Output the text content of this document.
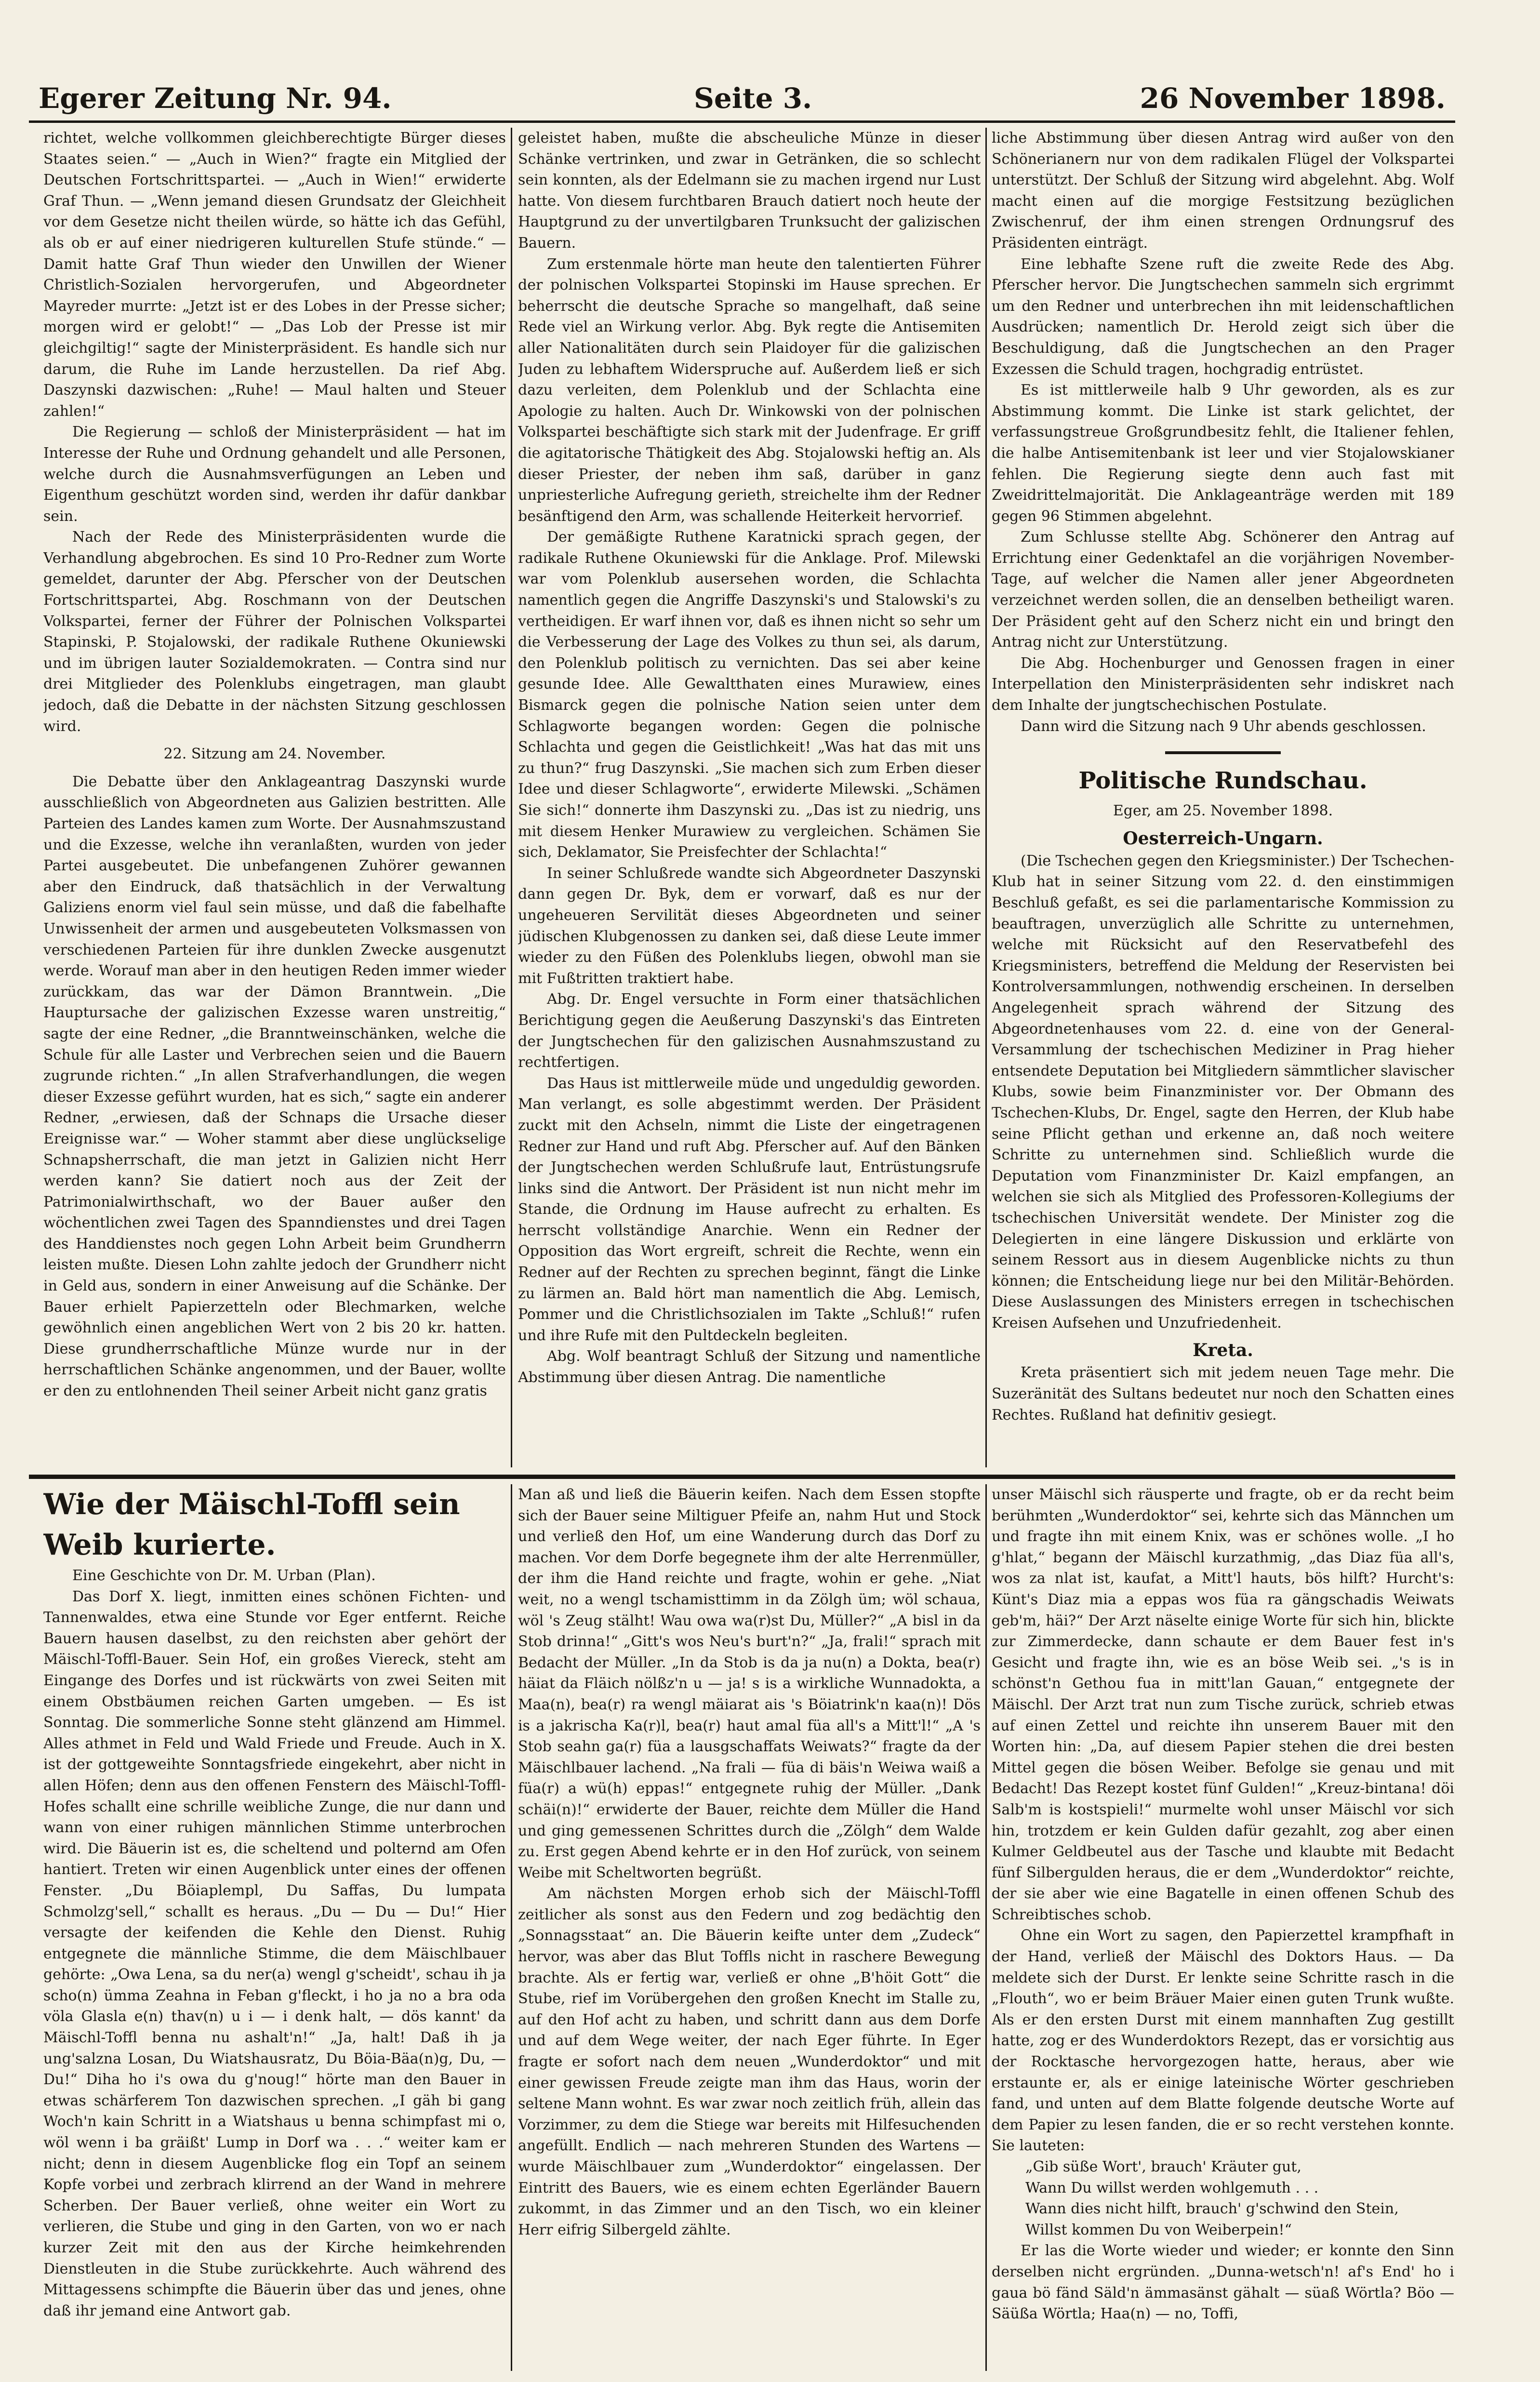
Egerer Zeitung Nr. 94.	Seite 3.	26 November 1898.

richtet, welche vollkommen gleichberechtigte Bürger dieses Staates seien.“ — „Auch in Wien?“ fragte ein Mitglied der Deutschen Fortschrittspartei. — „Auch in Wien!“ erwiderte Graf Thun. — „Wenn jemand diesen Grundsatz der Gleichheit vor dem Gesetze nicht theilen würde, so hätte ich das Gefühl, als ob er auf einer niedrigeren kulturellen Stufe stünde.“ — Damit hatte Graf Thun wieder den Unwillen der Wiener Christlich-Sozialen hervorgerufen, und Abgeordneter Mayreder murrte: „Jetzt ist er des Lobes in der Presse sicher; morgen wird er gelobt!“ — „Das Lob der Presse ist mir gleichgiltig!“ sagte der Ministerpräsident. Es handle sich nur darum, die Ruhe im Lande herzustellen. Da rief Abg. Daszynski dazwischen: „Ruhe! — Maul halten und Steuer zahlen!“

Die Regierung — schloß der Ministerpräsident — hat im Interesse der Ruhe und Ordnung gehandelt und alle Personen, welche durch die Ausnahmsverfügungen an Leben und Eigenthum geschützt worden sind, werden ihr dafür dankbar sein.

Nach der Rede des Ministerpräsidenten wurde die Verhandlung abgebrochen. Es sind 10 Pro-Redner zum Worte gemeldet, darunter der Abg. Pferscher von der Deutschen Fortschrittspartei, Abg. Roschmann von der Deutschen Volkspartei, ferner der Führer der Polnischen Volkspartei Stapinski, P. Stojalowski, der radikale Ruthene Okuniewski und im übrigen lauter Sozialdemokraten. — Contra sind nur drei Mitglieder des Polenklubs eingetragen, man glaubt jedoch, daß die Debatte in der nächsten Sitzung geschlossen wird.

22. Sitzung am 24. November.

Die Debatte über den Anklageantrag Daszynski wurde ausschließlich von Abgeordneten aus Galizien bestritten. Alle Parteien des Landes kamen zum Worte. Der Ausnahmszustand und die Exzesse, welche ihn veranlaßten, wurden von jeder Partei ausgebeutet. Die unbefangenen Zuhörer gewannen aber den Eindruck, daß thatsächlich in der Verwaltung Galiziens enorm viel faul sein müsse, und daß die fabelhafte Unwissenheit der armen und ausgebeuteten Volksmassen von verschiedenen Parteien für ihre dunklen Zwecke ausgenutzt werde. Worauf man aber in den heutigen Reden immer wieder zurückkam, das war der Dämon Branntwein. „Die Hauptursache der galizischen Exzesse waren unstreitig,“ sagte der eine Redner, „die Branntweinschänken, welche die Schule für alle Laster und Verbrechen seien und die Bauern zugrunde richten.“ „In allen Strafverhandlungen, die wegen dieser Exzesse geführt wurden, hat es sich,“ sagte ein anderer Redner, „erwiesen, daß der Schnaps die Ursache dieser Ereignisse war.“ — Woher stammt aber diese unglückselige Schnapsherrschaft, die man jetzt in Galizien nicht Herr werden kann? Sie datiert noch aus der Zeit der Patrimonialwirthschaft, wo der Bauer außer den wöchentlichen zwei Tagen des Spanndienstes und drei Tagen des Handdienstes noch gegen Lohn Arbeit beim Grundherrn leisten mußte. Diesen Lohn zahlte jedoch der Grundherr nicht in Geld aus, sondern in einer Anweisung auf die Schänke. Der Bauer erhielt Papierzetteln oder Blechmarken, welche gewöhnlich einen angeblichen Wert von 2 bis 20 kr. hatten. Diese grundherrschaftliche Münze wurde nur in der herrschaftlichen Schänke angenommen, und der Bauer, wollte er den zu entlohnenden Theil seiner Arbeit nicht ganz gratis

geleistet haben, mußte die abscheuliche Münze in dieser Schänke vertrinken, und zwar in Getränken, die so schlecht sein konnten, als der Edelmann sie zu machen irgend nur Lust hatte. Von diesem furchtbaren Brauch datiert noch heute der Hauptgrund zu der unvertilgbaren Trunksucht der galizischen Bauern.

Zum erstenmale hörte man heute den talentierten Führer der polnischen Volkspartei Stopinski im Hause sprechen. Er beherrscht die deutsche Sprache so mangelhaft, daß seine Rede viel an Wirkung verlor. Abg. Byk regte die Antisemiten aller Nationalitäten durch sein Plaidoyer für die galizischen Juden zu lebhaftem Widerspruche auf. Außerdem ließ er sich dazu verleiten, dem Polenklub und der Schlachta eine Apologie zu halten. Auch Dr. Winkowski von der polnischen Volkspartei beschäftigte sich stark mit der Judenfrage. Er griff die agitatorische Thätigkeit des Abg. Stojalowski heftig an. Als dieser Priester, der neben ihm saß, darüber in ganz unpriesterliche Aufregung gerieth, streichelte ihm der Redner besänftigend den Arm, was schallende Heiterkeit hervorrief.

Der gemäßigte Ruthene Karatnicki sprach gegen, der radikale Ruthene Okuniewski für die Anklage. Prof. Milewski war vom Polenklub ausersehen worden, die Schlachta namentlich gegen die Angriffe Daszynski's und Stalowski's zu vertheidigen. Er warf ihnen vor, daß es ihnen nicht so sehr um die Verbesserung der Lage des Volkes zu thun sei, als darum, den Polenklub politisch zu vernichten. Das sei aber keine gesunde Idee. Alle Gewaltthaten eines Murawiew, eines Bismarck gegen die polnische Nation seien unter dem Schlagworte begangen worden: Gegen die polnische Schlachta und gegen die Geistlichkeit! „Was hat das mit uns zu thun?“ frug Daszynski. „Sie machen sich zum Erben dieser Idee und dieser Schlagworte“, erwiderte Milewski. „Schämen Sie sich!“ donnerte ihm Daszynski zu. „Das ist zu niedrig, uns mit diesem Henker Murawiew zu vergleichen. Schämen Sie sich, Deklamator, Sie Preisfechter der Schlachta!“

In seiner Schlußrede wandte sich Abgeordneter Daszynski dann gegen Dr. Byk, dem er vorwarf, daß es nur der ungeheueren Servilität dieses Abgeordneten und seiner jüdischen Klubgenossen zu danken sei, daß diese Leute immer wieder zu den Füßen des Polenklubs liegen, obwohl man sie mit Fußtritten traktiert habe.

Abg. Dr. Engel versuchte in Form einer thatsächlichen Berichtigung gegen die Aeußerung Daszynski's das Eintreten der Jungtschechen für den galizischen Ausnahmszustand zu rechtfertigen.

Das Haus ist mittlerweile müde und ungeduldig geworden. Man verlangt, es solle abgestimmt werden. Der Präsident zuckt mit den Achseln, nimmt die Liste der eingetragenen Redner zur Hand und ruft Abg. Pferscher auf. Auf den Bänken der Jungtschechen werden Schlußrufe laut, Entrüstungsrufe links sind die Antwort. Der Präsident ist nun nicht mehr im Stande, die Ordnung im Hause aufrecht zu erhalten. Es herrscht vollständige Anarchie. Wenn ein Redner der Opposition das Wort ergreift, schreit die Rechte, wenn ein Redner auf der Rechten zu sprechen beginnt, fängt die Linke zu lärmen an. Bald hört man namentlich die Abg. Lemisch, Pommer und die Christlichsozialen im Takte „Schluß!“ rufen und ihre Rufe mit den Pultdeckeln begleiten.

Abg. Wolf beantragt Schluß der Sitzung und namentliche Abstimmung über diesen Antrag. Die namentliche

liche Abstimmung über diesen Antrag wird außer von den Schönerianern nur von dem radikalen Flügel der Volkspartei unterstützt. Der Schluß der Sitzung wird abgelehnt. Abg. Wolf macht einen auf die morgige Festsitzung bezüglichen Zwischenruf, der ihm einen strengen Ordnungsruf des Präsidenten einträgt.

Eine lebhafte Szene ruft die zweite Rede des Abg. Pferscher hervor. Die Jungtschechen sammeln sich ergrimmt um den Redner und unterbrechen ihn mit leidenschaftlichen Ausdrücken; namentlich Dr. Herold zeigt sich über die Beschuldigung, daß die Jungtschechen an den Prager Exzessen die Schuld tragen, hochgradig entrüstet.

Es ist mittlerweile halb 9 Uhr geworden, als es zur Abstimmung kommt. Die Linke ist stark gelichtet, der verfassungstreue Großgrundbesitz fehlt, die Italiener fehlen, die halbe Antisemitenbank ist leer und vier Stojalowskianer fehlen. Die Regierung siegte denn auch fast mit Zweidrittelmajorität. Die Anklageanträge werden mit 189 gegen 96 Stimmen abgelehnt.

Zum Schlusse stellte Abg. Schönerer den Antrag auf Errichtung einer Gedenktafel an die vorjährigen November-Tage, auf welcher die Namen aller jener Abgeordneten verzeichnet werden sollen, die an denselben betheiligt waren. Der Präsident geht auf den Scherz nicht ein und bringt den Antrag nicht zur Unterstützung.

Die Abg. Hochenburger und Genossen fragen in einer Interpellation den Ministerpräsidenten sehr indiskret nach dem Inhalte der jungtschechischen Postulate.

Dann wird die Sitzung nach 9 Uhr abends geschlossen.

Politische Rundschau.
Eger, am 25. November 1898.
Oesterreich-Ungarn.

(Die Tschechen gegen den Kriegsminister.) Der Tschechen-Klub hat in seiner Sitzung vom 22. d. den einstimmigen Beschluß gefaßt, es sei die parlamentarische Kommission zu beauftragen, unverzüglich alle Schritte zu unternehmen, welche mit Rücksicht auf den Reservatbefehl des Kriegsministers, betreffend die Meldung der Reservisten bei Kontrolversammlungen, nothwendig erscheinen. In derselben Angelegenheit sprach während der Sitzung des Abgeordnetenhauses vom 22. d. eine von der General-Versammlung der tschechischen Mediziner in Prag hieher entsendete Deputation bei Mitgliedern sämmtlicher slavischer Klubs, sowie beim Finanzminister vor. Der Obmann des Tschechen-Klubs, Dr. Engel, sagte den Herren, der Klub habe seine Pflicht gethan und erkenne an, daß noch weitere Schritte zu unternehmen sind. Schließlich wurde die Deputation vom Finanzminister Dr. Kaizl empfangen, an welchen sie sich als Mitglied des Professoren-Kollegiums der tschechischen Universität wendete. Der Minister zog die Delegierten in eine längere Diskussion und erklärte von seinem Ressort aus in diesem Augenblicke nichts zu thun können; die Entscheidung liege nur bei den Militär-Behörden. Diese Auslassungen des Ministers erregen in tschechischen Kreisen Aufsehen und Unzufriedenheit.

Kreta.

Kreta präsentiert sich mit jedem neuen Tage mehr. Die Suzeränität des Sultans bedeutet nur noch den Schatten eines Rechtes. Rußland hat definitiv gesiegt.

Wie der Mäischl-Toffl sein Weib kurierte.

Eine Geschichte von Dr. M. Urban (Plan).

Das Dorf X. liegt, inmitten eines schönen Fichten- und Tannenwaldes, etwa eine Stunde vor Eger entfernt. Reiche Bauern hausen daselbst, zu den reichsten aber gehört der Mäischl-Toffl-Bauer. Sein Hof, ein großes Viereck, steht am Eingange des Dorfes und ist rückwärts von zwei Seiten mit einem Obstbäumen reichen Garten umgeben. — Es ist Sonntag. Die sommerliche Sonne steht glänzend am Himmel. Alles athmet in Feld und Wald Friede und Freude. Auch in X. ist der gottgeweihte Sonntagsfriede eingekehrt, aber nicht in allen Höfen; denn aus den offenen Fenstern des Mäischl-Toffl-Hofes schallt eine schrille weibliche Zunge, die nur dann und wann von einer ruhigen männlichen Stimme unterbrochen wird. Die Bäuerin ist es, die scheltend und polternd am Ofen hantiert. Treten wir einen Augenblick unter eines der offenen Fenster. „Du Böiaplempl, Du Saffas, Du lumpata Schmolzg'sell,“ schallt es heraus. „Du — Du — Du!“ Hier versagte der keifenden die Kehle den Dienst. Ruhig entgegnete die männliche Stimme, die dem Mäischlbauer gehörte: „Owa Lena, sa du ner(a) wengl g'scheidt', schau ih ja scho(n) ümma Zeahna in Feban g'fleckt, i ho ja no a bra oda völa Glasla e(n) thav(n) u i — i denk halt, — dös kannt' da Mäischl-Toffl benna nu ashalt'n!“ „Ja, halt! Daß ih ja ung'salzna Losan, Du Wiatshausratz, Du Böia-Bäa(n)g, Du, — Du!“ Diha ho i's owa du g'noug!“ hörte man den Bauer in etwas schärferem Ton dazwischen sprechen. „I gäh bi gang Woch'n kain Schritt in a Wiatshaus u benna schimpfast mi o, wöl wenn i ba gräißt' Lump in Dorf wa . . .“ weiter kam er nicht; denn in diesem Augenblicke flog ein Topf an seinem Kopfe vorbei und zerbrach klirrend an der Wand in mehrere Scherben. Der Bauer verließ, ohne weiter ein Wort zu verlieren, die Stube und ging in den Garten, von wo er nach kurzer Zeit mit den aus der Kirche heimkehrenden Dienstleuten in die Stube zurückkehrte. Auch während des Mittagessens schimpfte die Bäuerin über das und jenes, ohne daß ihr jemand eine Antwort gab.

Man aß und ließ die Bäuerin keifen. Nach dem Essen stopfte sich der Bauer seine Miltiguer Pfeife an, nahm Hut und Stock und verließ den Hof, um eine Wanderung durch das Dorf zu machen. Vor dem Dorfe begegnete ihm der alte Herrenmüller, der ihm die Hand reichte und fragte, wohin er gehe. „Niat weit, no a wengl tschamisttimm in da Zölgh üm; wöl schaua, wöl 's Zeug stälht! Wau owa wa(r)st Du, Müller?“ „A bisl in da Stob drinna!“ „Gitt's wos Neu's burt'n?“ „Ja, frali!“ sprach mit Bedacht der Müller. „In da Stob is da ja nu(n) a Dokta, bea(r) häiat da Fläich nölßz'n u — ja! s is a wirkliche Wunnadokta, a Maa(n), bea(r) ra wengl mäiarat ais 's Böiatrink'n kaa(n)! Dös is a jakrischa Ka(r)l, bea(r) haut amal füa all's a Mitt'l!“ „A 's Stob seahn ga(r) füa a lausgschaffats Weiwats?“ fragte da der Mäischlbauer lachend. „Na frali — füa di bäis'n Weiwa waiß a füa(r) a wü(h) eppas!“ entgegnete ruhig der Müller. „Dank schäi(n)!“ erwiderte der Bauer, reichte dem Müller die Hand und ging gemessenen Schrittes durch die „Zölgh“ dem Walde zu. Erst gegen Abend kehrte er in den Hof zurück, von seinem Weibe mit Scheltworten begrüßt.

Am nächsten Morgen erhob sich der Mäischl-Toffl zeitlicher als sonst aus den Federn und zog bedächtig den „Sonnagsstaat“ an. Die Bäuerin keifte unter dem „Zudeck“ hervor, was aber das Blut Toffls nicht in raschere Bewegung brachte. Als er fertig war, verließ er ohne „B'höit Gott“ die Stube, rief im Vorübergehen den großen Knecht im Stalle zu, auf den Hof acht zu haben, und schritt dann aus dem Dorfe und auf dem Wege weiter, der nach Eger führte. In Eger fragte er sofort nach dem neuen „Wunderdoktor“ und mit einer gewissen Freude zeigte man ihm das Haus, worin der seltene Mann wohnt. Es war zwar noch zeitlich früh, allein das Vorzimmer, zu dem die Stiege war bereits mit Hilfesuchenden angefüllt. Endlich — nach mehreren Stunden des Wartens — wurde Mäischlbauer zum „Wunderdoktor“ eingelassen. Der Eintritt des Bauers, wie es einem echten Egerländer Bauern zukommt, in das Zimmer und an den Tisch, wo ein kleiner Herr eifrig Silbergeld zählte.

unser Mäischl sich räusperte und fragte, ob er da recht beim berühmten „Wunderdoktor“ sei, kehrte sich das Männchen um und fragte ihn mit einem Knix, was er schönes wolle. „I ho g'hlat,“ begann der Mäischl kurzathmig, „das Diaz füa all's, wos za nlat ist, kaufat, a Mitt'l hauts, bös hilft? Hurcht's: Künt's Diaz mia a eppas wos füa ra gängschadis Weiwats geb'm, häi?“ Der Arzt näselte einige Worte für sich hin, blickte zur Zimmerdecke, dann schaute er dem Bauer fest in's Gesicht und fragte ihn, wie es an böse Weib sei. „'s is in schönst'n Gethou fua in mitt'lan Gauan,“ entgegnete der Mäischl. Der Arzt trat nun zum Tische zurück, schrieb etwas auf einen Zettel und reichte ihn unserem Bauer mit den Worten hin: „Da, auf diesem Papier stehen die drei besten Mittel gegen die bösen Weiber. Befolge sie genau und mit Bedacht! Das Rezept kostet fünf Gulden!“ „Kreuz-bintana! döi Salb'm is kostspieli!“ murmelte wohl unser Mäischl vor sich hin, trotzdem er kein Gulden dafür gezahlt, zog aber einen Kulmer Geldbeutel aus der Tasche und klaubte mit Bedacht fünf Silbergulden heraus, die er dem „Wunderdoktor“ reichte, der sie aber wie eine Bagatelle in einen offenen Schub des Schreibtisches schob.

Ohne ein Wort zu sagen, den Papierzettel krampfhaft in der Hand, verließ der Mäischl des Doktors Haus. — Da meldete sich der Durst. Er lenkte seine Schritte rasch in die „Flouth“, wo er beim Bräuer Maier einen guten Trunk wußte. Als er den ersten Durst mit einem mannhaften Zug gestillt hatte, zog er des Wunderdoktors Rezept, das er vorsichtig aus der Rocktasche hervorgezogen hatte, heraus, aber wie erstaunte er, als er einige lateinische Wörter geschrieben fand, und unten auf dem Blatte folgende deutsche Worte auf dem Papier zu lesen fanden, die er so recht verstehen konnte. Sie lauteten:

„Gib süße Wort', brauch' Kräuter gut,

Wann Du willst werden wohlgemuth . . .

Wann dies nicht hilft, brauch' g'schwind den Stein,

Willst kommen Du von Weiberpein!“

Er las die Worte wieder und wieder; er konnte den Sinn derselben nicht ergründen. „Dunna-wetsch'n! af's End' ho i gaua bö fänd Säld'n ämmasänst gähalt — süaß Wörtla? Böo — Säüßa Wörtla; Haa(n) — no, Toffi,
